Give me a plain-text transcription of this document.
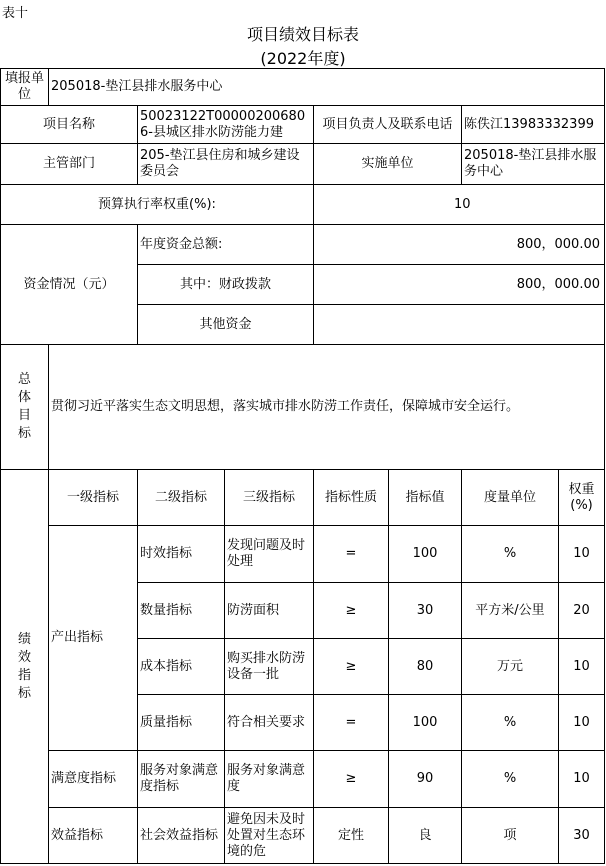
表十
项目绩效目标表
(2022年度)
填报单位	205018-垫江县排水服务中心						
项目名称		50023122T000002006806-县城区排水防涝能力建		项目负责人及联系电话		陈佚江13983332399	
主管部门		205-垫江县住房和城乡建设委员会		实施单位		205018-垫江县排水服务中心	
预算执行率权重(%):				10			
资金情况（元）		年度资金总额:		800，000.00			
		其中：财政拨款		800，000.00			
		其他资金					

总
体
目
标	贯彻习近平落实生态文明思想，落实城市排水防涝工作责任，保障城市安全运行。						

绩
效
指
标	一级指标	二级指标	三级指标	指标性质	指标值	度量单位	权重(%)
	产出指标	时效指标	发现问题及时处理	=	100	%	10
		数量指标	防涝面积	≥	30	平方米/公里	20
		成本指标	购买排水防涝设备一批	≥	80	万元	10
		质量指标	符合相关要求	=	100	%	10
	满意度指标	服务对象满意度指标	服务对象满意度	≥	90	%	10
	效益指标	社会效益指标	避免因未及时处置对生态环境的危	定性	良	项	30
